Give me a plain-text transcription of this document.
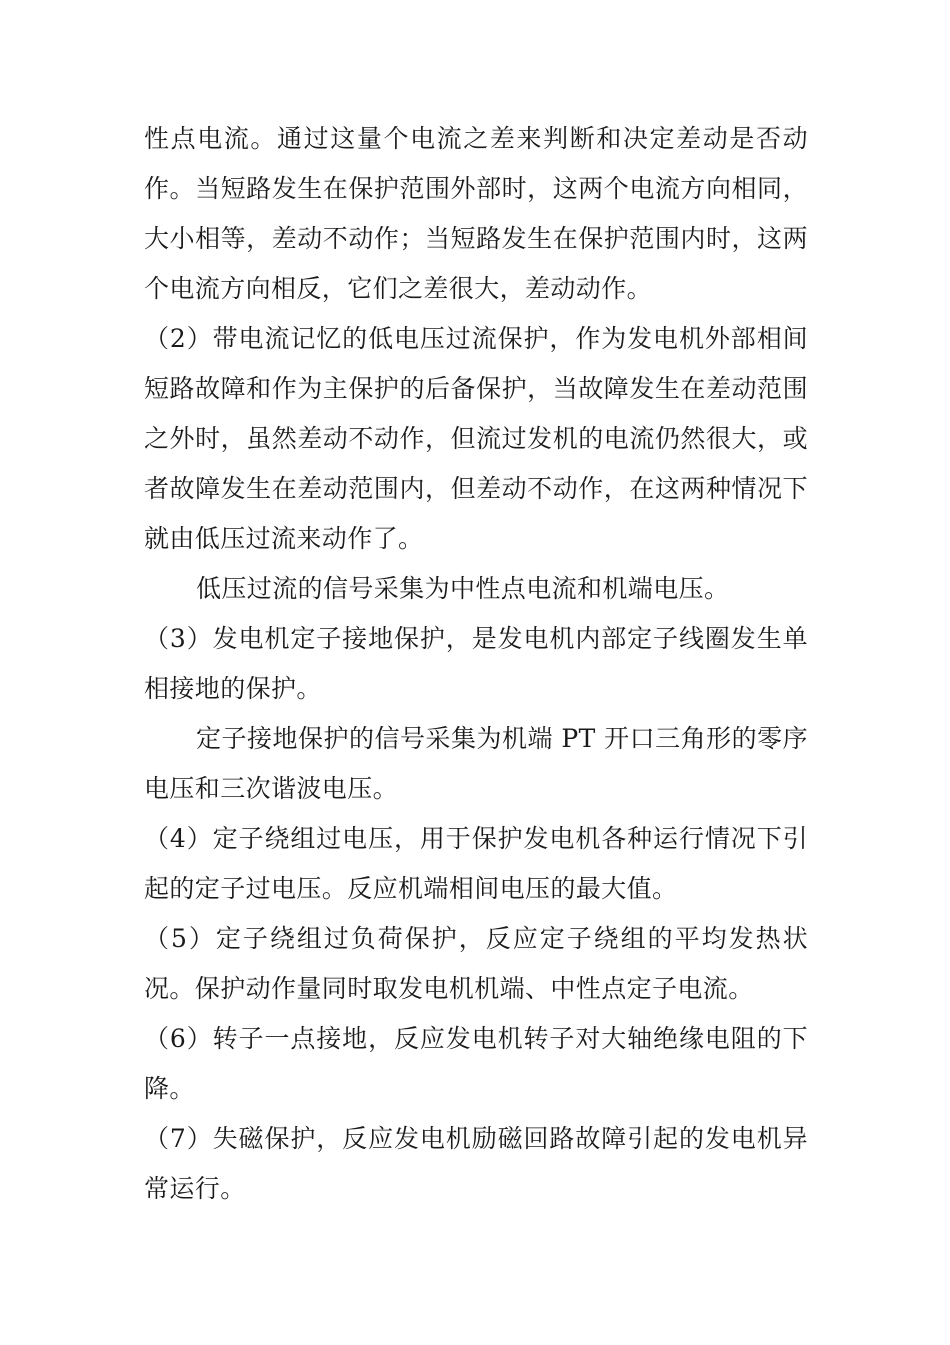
性点电流。通过这量个电流之差来判断和决定差动是否动作。当短路发生在保护范围外部时，这两个电流方向相同，大小相等，差动不动作；当短路发生在保护范围内时，这两个电流方向相反，它们之差很大，差动动作。

（2）带电流记忆的低电压过流保护，作为发电机外部相间短路故障和作为主保护的后备保护，当故障发生在差动范围之外时，虽然差动不动作，但流过发机的电流仍然很大，或者故障发生在差动范围内，但差动不动作，在这两种情况下就由低压过流来动作了。

低压过流的信号采集为中性点电流和机端电压。

（3）发电机定子接地保护，是发电机内部定子线圈发生单相接地的保护。

定子接地保护的信号采集为机端 PT 开口三角形的零序电压和三次谐波电压。

（4）定子绕组过电压，用于保护发电机各种运行情况下引起的定子过电压。反应机端相间电压的最大值。

（5）定子绕组过负荷保护，反应定子绕组的平均发热状况。保护动作量同时取发电机机端、中性点定子电流。

（6）转子一点接地，反应发电机转子对大轴绝缘电阻的下降。

（7）失磁保护，反应发电机励磁回路故障引起的发电机异常运行。
